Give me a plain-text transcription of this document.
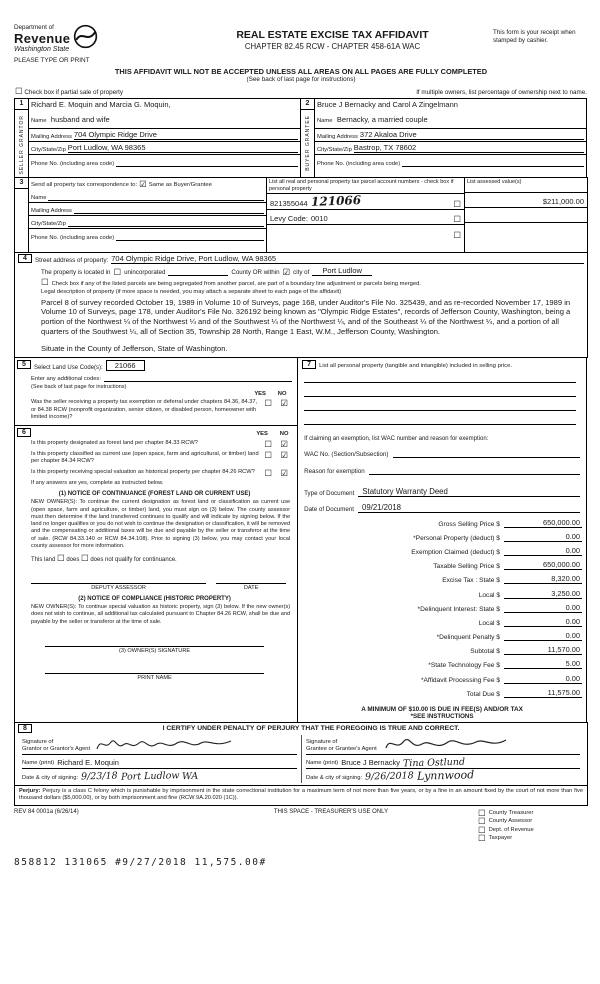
Department of
Revenue
Washington State
PLEASE TYPE OR PRINT
REAL ESTATE EXCISE TAX AFFIDAVIT
CHAPTER 82.45 RCW - CHAPTER 458-61A WAC
This form is your receipt when stamped by cashier.
THIS AFFIDAVIT WILL NOT BE ACCEPTED UNLESS ALL AREAS ON ALL PAGES ARE FULLY COMPLETED
(See back of last page for instructions)
☐ Check box if partial sale of property	If multiple owners, list percentage of ownership next to name.
1
SELLER GRANTOR
Richard E. Moquin and Marcia G. Moquin,
Name husband and wife
Mailing Address 704 Olympic Ridge Drive
City/State/Zip Port Ludlow, WA 98365
Phone No. (including area code)
2
BUYER GRANTEE
Bruce J Bernacky and Carol A Zingelmann
Name Bernacky, a married couple
Mailing Address 372 Akaloa Drive
City/State/Zip Bastrop, TX 78602
Phone No. (including area code)
3	Send all property tax correspondence to: ☑ Same as Buyer/Grantee
Name
Mailing Address
City/State/Zip
Phone No. (including area code)
List all real and personal property tax parcel account numbers - check box if personal property
821355044 121066	☐
Levy Code: 0010	☐
☐
List assessed value(s)
$211,000.00
4	Street address of property: 704 Olympic Ridge Drive, Port Ludlow, WA 98365
The property is located in ☐ unincorporated	County OR within ☑ city of	Port Ludlow
☐ Check box if any of the listed parcels are being segregated from another parcel, are part of a boundary line adjustment or parcels being merged.
Legal description of property (if more space is needed, you may attach a separate sheet to each page of the affidavit)
Parcel 8 of survey recorded October 19, 1989 in Volume 10 of Surveys, page 168, under Auditor's File No. 325439, and as re-recorded November 17, 1989 in Volume 10 of Surveys, page 178, under Auditor's File No. 326192 being known as "Olympic Ridge Estates", records of Jefferson County, Washington, being a portion of the Northwest ¼ of the Northwest ¼ and of the Southwest ¼ of the Northwest ¼, and of the Southeast ¼ of the Northwest ¼, and a portion of all quarters of the Southwest ¼, all of Section 35, Township 28 North, Range 1 East, W.M., Jefferson County, Washington.
Situate in the County of Jefferson, State of Washington.
5	Select Land Use Code(s):	21066
Enter any additional codes:
(See back of last page for instructions)
YES	NO
Was the seller receiving a property tax exemption or deferral under chapters 84.36, 84.37, or 84.38 RCW (nonprofit organization, senior citizen, or disabled person, homeowner with limited income)?
☐ ☑
6	YES	NO
Is this property designated as forest land per chapter 84.33 RCW?	☐ ☑
Is this property classified as current use (open space, farm and agricultural, or timber) land per chapter 84.34 RCW?
☐ ☑
Is this property receiving special valuation as historical property per chapter 84.26 RCW?	☐ ☑
If any answers are yes, complete as instructed below.
(1) NOTICE OF CONTINUANCE (FOREST LAND OR CURRENT USE)
NEW OWNER(S): To continue the current designation as forest land or classification as current use (open space, farm and agriculture, or timber) land, you must sign on (3) below. The county assessor must then determine if the land transferred continues to qualify and will indicate by signing below. If the land no longer qualifies or you do not wish to continue the designation or classification, it will be removed and the compensating or additional taxes will be due and payable by the seller or transferor at the time of sale. (RCW 84.33.140 or RCW 84.34.108). Prior to signing (3) below, you may contact your local county assessor for more information.
This land ☐ does ☐ does not qualify for continuance.
DEPUTY ASSESSOR	DATE
(2) NOTICE OF COMPLIANCE (HISTORIC PROPERTY)
NEW OWNER(S): To continue special valuation as historic property, sign (3) below. If the new owner(s) does not wish to continue, all additional tax calculated pursuant to Chapter 84.26 RCW, shall be due and payable by the seller or transferor at the time of sale.
(3) OWNER(S) SIGNATURE
PRINT NAME
7	List all personal property (tangible and intangible) included in selling price.
If claiming an exemption, list WAC number and reason for exemption:
WAC No. (Section/Subsection)
Reason for exemption
Type of Document	Statutory Warranty Deed
Date of Document	09/21/2018
Gross Selling Price $	650,000.00
*Personal Property (deduct) $	0.00
Exemption Claimed (deduct) $	0.00
Taxable Selling Price $	650,000.00
Excise Tax : State $	8,320.00
Local $	3,250.00
*Delinquent Interest: State $	0.00
Local $	0.00
*Delinquent Penalty $	0.00
Subtotal $	11,570.00
*State Technology Fee $	5.00
*Affidavit Processing Fee $	0.00
Total Due $	11,575.00
A MINIMUM OF $10.00 IS DUE IN FEE(S) AND/OR TAX
*SEE INSTRUCTIONS
8	I CERTIFY UNDER PENALTY OF PERJURY THAT THE FOREGOING IS TRUE AND CORRECT.
Signature of
Grantor or Grantor's Agent
Name (print) Richard E. Moquin
Date & city of signing: 9/23/18 Port Ludlow WA
Signature of
Grantee or Grantee's Agent
Name (print) Bruce J Bernacky Tina Ostlund
Date & city of signing: 9/26/2018 Lynnwood
Perjury: Perjury is a class C felony which is punishable by imprisonment in the state correctional institution for a maximum term of not more than five years, or by a fine in an amount fixed by the court of not more than five thousand dollars ($5,000.00), or by both imprisonment and fine (RCW 9A.20.020 (1C)).
REV 84 0001a (6/26/14)	THIS SPACE - TREASURER'S USE ONLY	☐ County Treasurer
☐ County Assessor
☐ Dept. of Revenue
☐ Taxpayer
858812 131065 #9/27/2018 11,575.00#
